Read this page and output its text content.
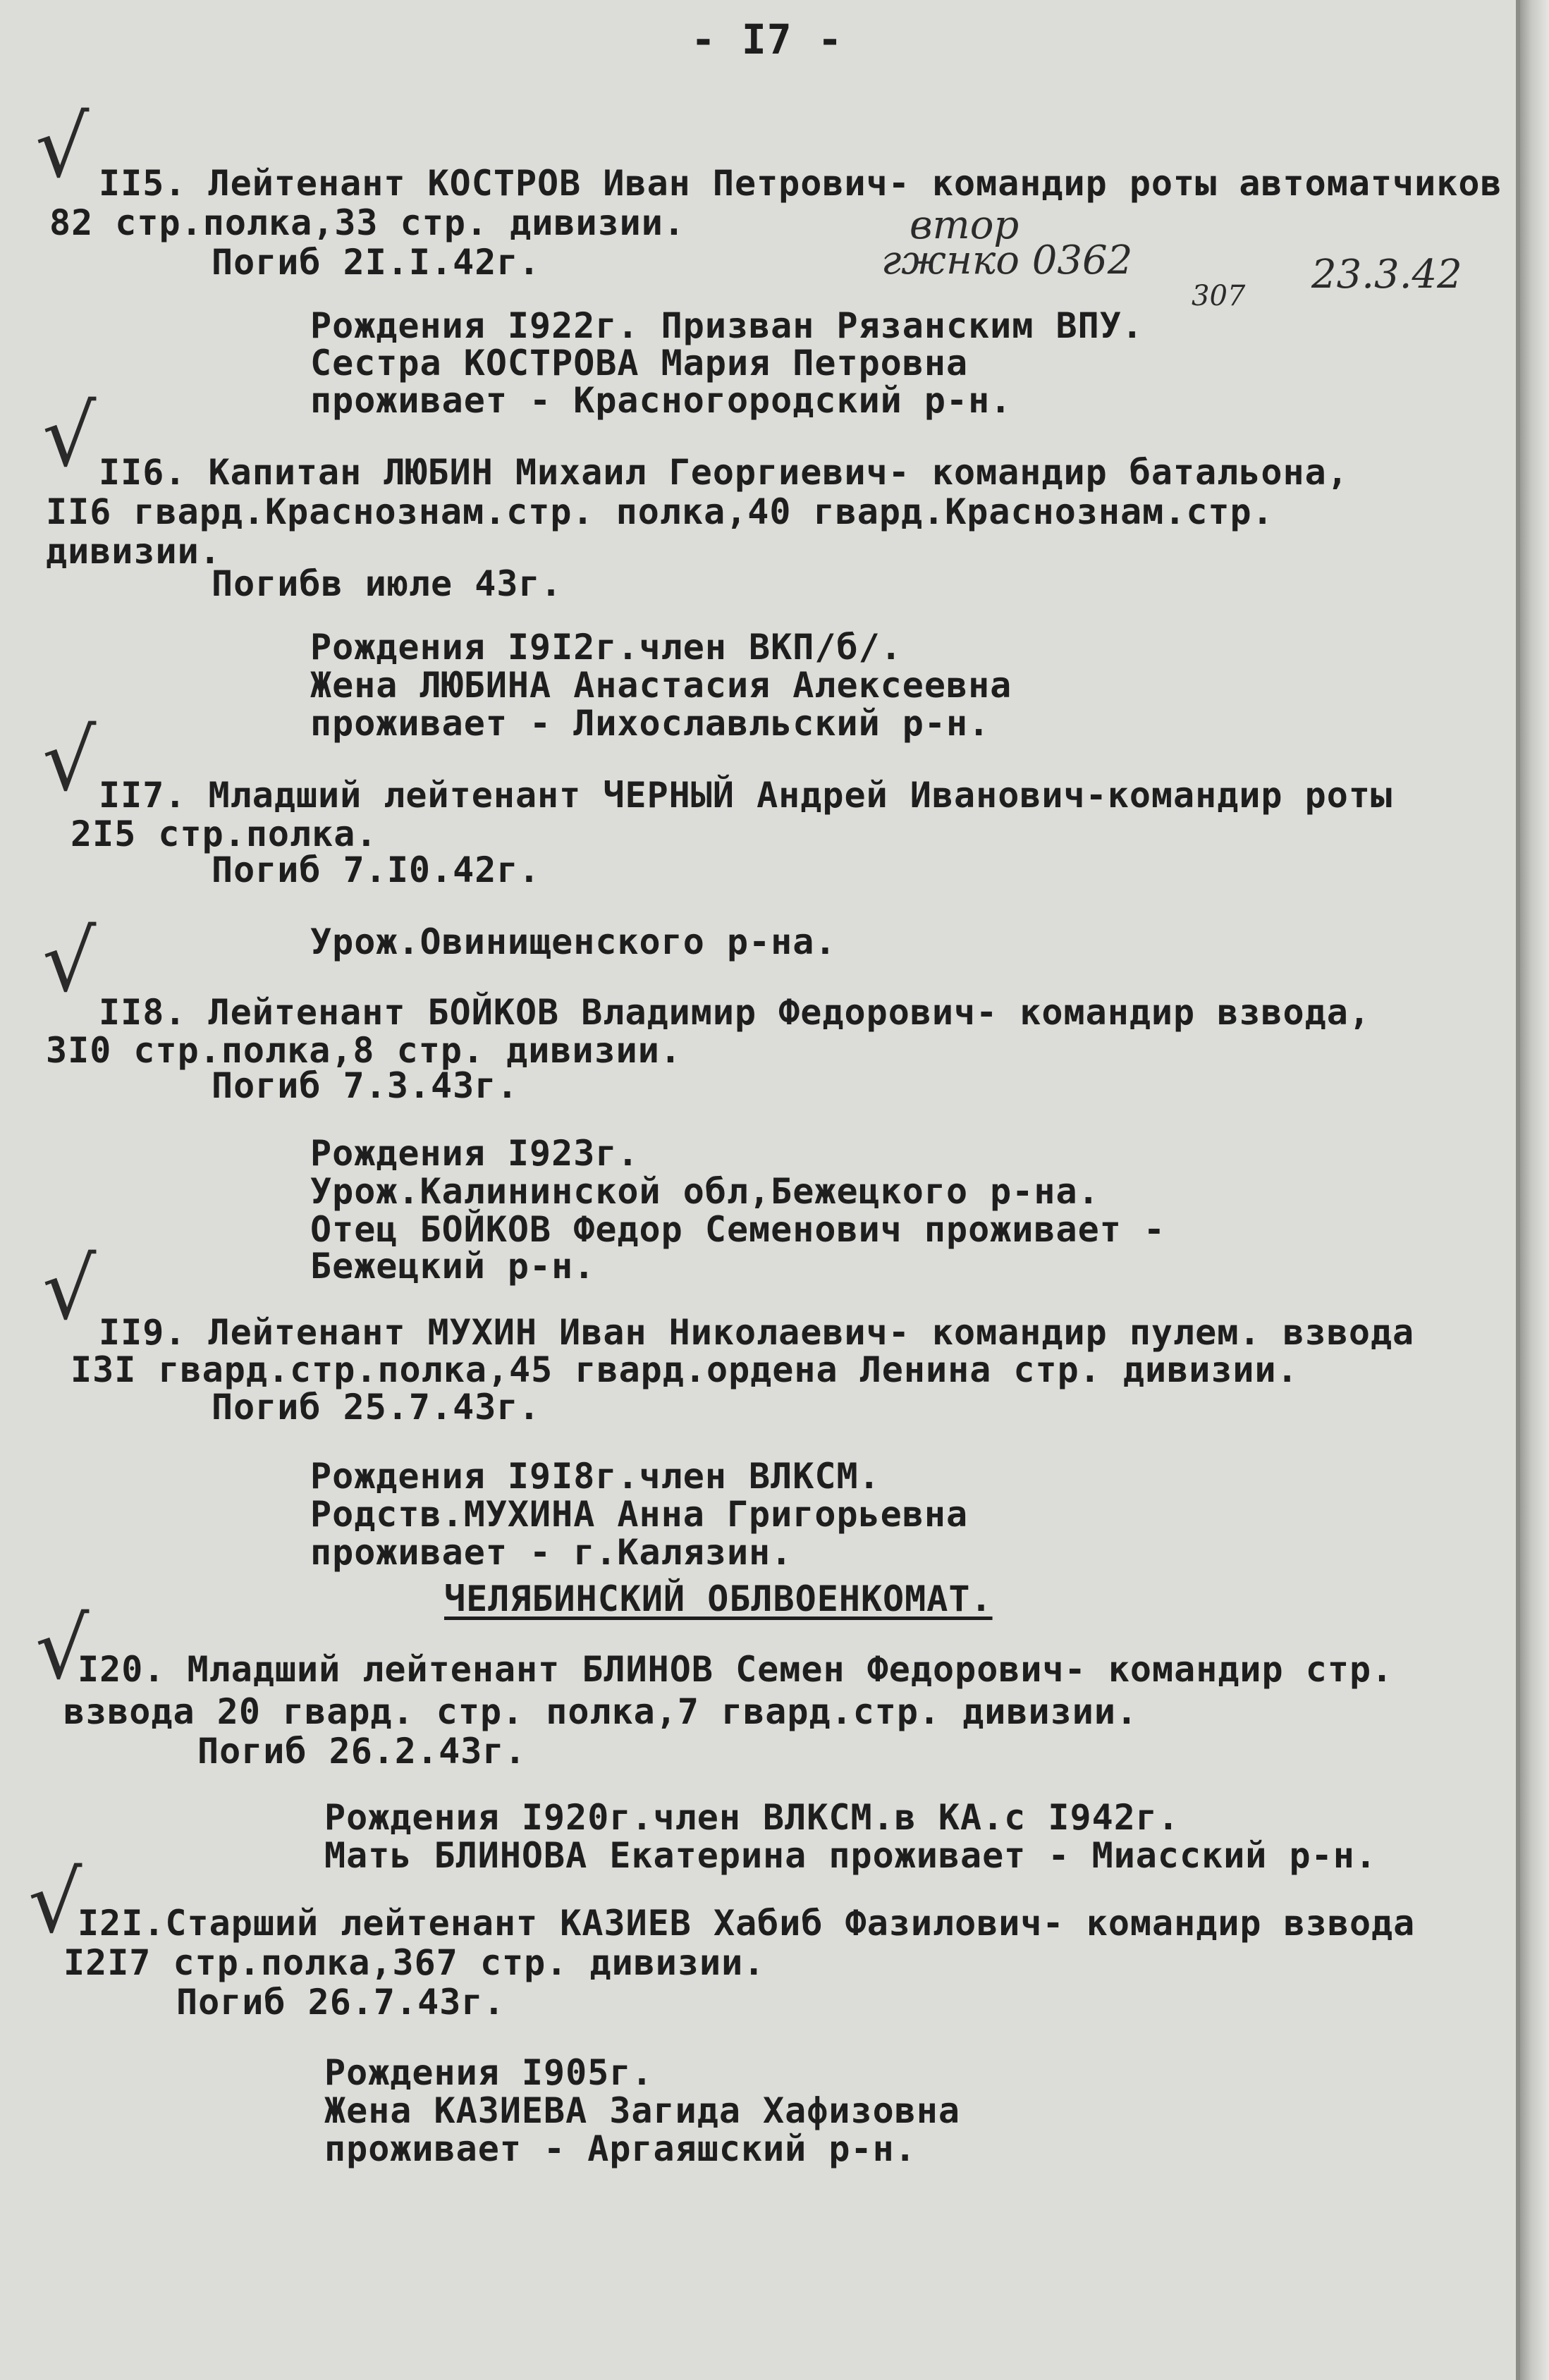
- I7 -
втор
гжнко 0362
307 23.3.42
√ II5. Лейтенант КОСТРОВ Иван Петрович- командир роты автоматчиков
82 стр.полка,33 стр. дивизии.
Погиб 2I.I.42г.
Рождения I922г. Призван Рязанским ВПУ.
Сестра КОСТРОВА Мария Петровна
проживает - Красногородский р-н.
√ II6. Капитан ЛЮБИН Михаил Георгиевич- командир батальона,
II6 гвард.Краснознам.стр. полка,40 гвард.Краснознам.стр.
дивизии.
Погибв июле 43г.
Рождения I9I2г.член ВКП/б/.
Жена ЛЮБИНА Анастасия Алексеевна
проживает - Лихославльский р-н.
√ II7. Младший лейтенант ЧЕРНЫЙ Андрей Иванович-командир роты
2I5 стр.полка.
Погиб 7.I0.42г.
Урож.Овинищенского р-на.
√
II8. Лейтенант БОЙКОВ Владимир Федорович- командир взвода,
3I0 стр.полка,8 стр. дивизии.
Погиб 7.3.43г.
Рождения I923г.
Урож.Калининской обл,Бежецкого р-на.
Отец БОЙКОВ Федор Семенович проживает -
Бежецкий р-н.
√ II9. Лейтенант МУХИН Иван Николаевич- командир пулем. взвода
I3I гвард.стр.полка,45 гвард.ордена Ленина стр. дивизии.
Погиб 25.7.43г.
Рождения I9I8г.член ВЛКСМ.
Родств.МУХИНА Анна Григорьевна
проживает - г.Калязин.
ЧЕЛЯБИНСКИЙ ОБЛВОЕНКОМАТ.
√
I20. Младший лейтенант БЛИНОВ Семен Федорович- командир стр.
взвода 20 гвард. стр. полка,7 гвард.стр. дивизии.
Погиб 26.2.43г.
Рождения I920г.член ВЛКСМ.в КА.с I942г.
Мать БЛИНОВА Екатерина проживает - Миасский р-н.
√
I2I.Старший лейтенант КАЗИЕВ Хабиб Фазилович- командир взвода
I2I7 стр.полка,367 стр. дивизии.
Погиб 26.7.43г.
Рождения I905г.
Жена КАЗИЕВА Загида Хафизовна
проживает - Аргаяшский р-н.
